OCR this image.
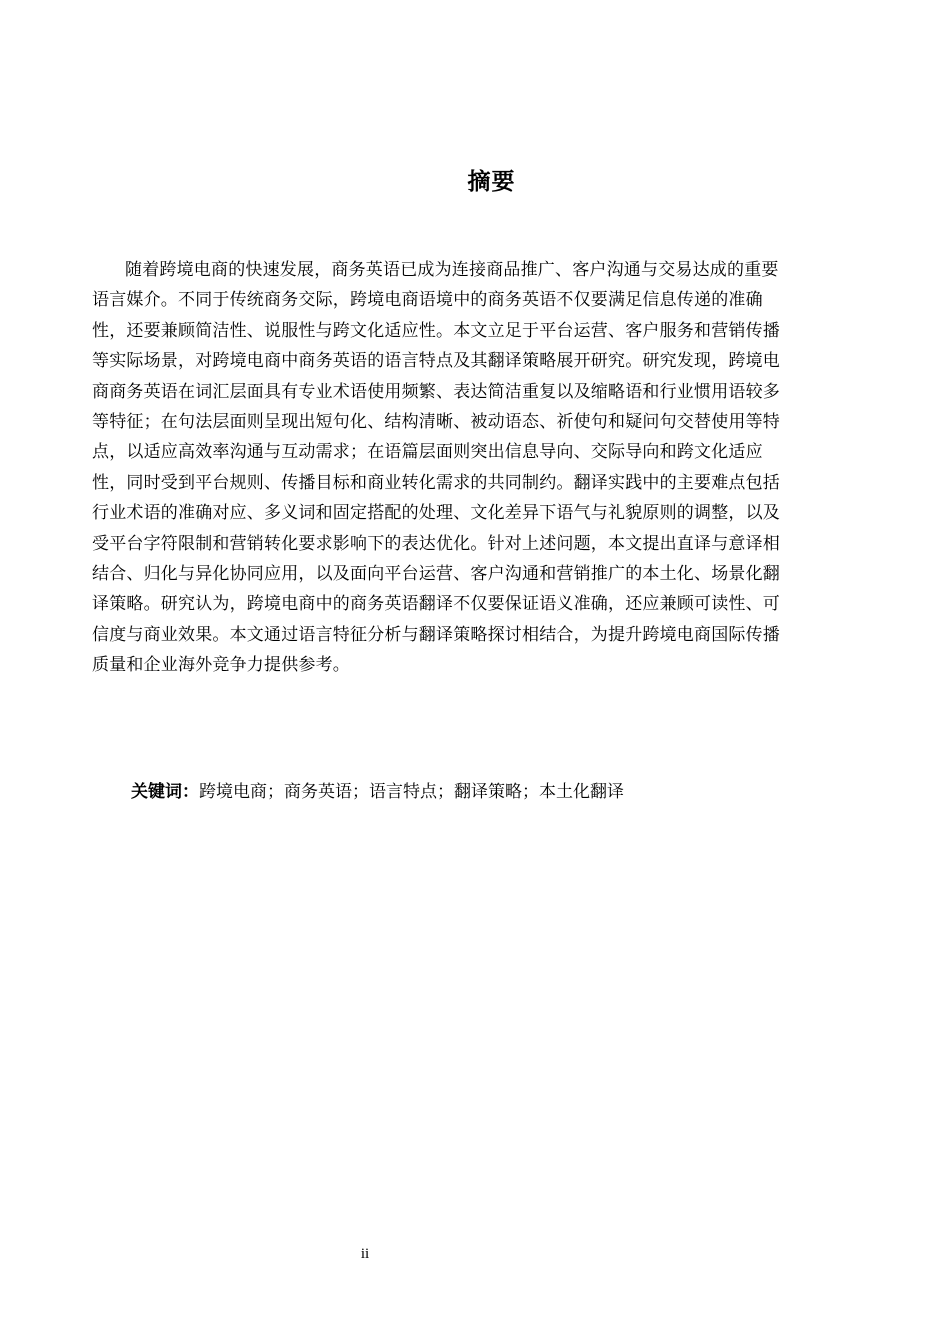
摘要
随着跨境电商的快速发展，商务英语已成为连接商品推广、客户沟通与交易达成的重要
语言媒介。不同于传统商务交际，跨境电商语境中的商务英语不仅要满足信息传递的准确
性，还要兼顾简洁性、说服性与跨文化适应性。本文立足于平台运营、客户服务和营销传播
等实际场景，对跨境电商中商务英语的语言特点及其翻译策略展开研究。研究发现，跨境电
商商务英语在词汇层面具有专业术语使用频繁、表达简洁重复以及缩略语和行业惯用语较多
等特征；在句法层面则呈现出短句化、结构清晰、被动语态、祈使句和疑问句交替使用等特
点，以适应高效率沟通与互动需求；在语篇层面则突出信息导向、交际导向和跨文化适应
性，同时受到平台规则、传播目标和商业转化需求的共同制约。翻译实践中的主要难点包括
行业术语的准确对应、多义词和固定搭配的处理、文化差异下语气与礼貌原则的调整，以及
受平台字符限制和营销转化要求影响下的表达优化。针对上述问题，本文提出直译与意译相
结合、归化与异化协同应用，以及面向平台运营、客户沟通和营销推广的本土化、场景化翻
译策略。研究认为，跨境电商中的商务英语翻译不仅要保证语义准确，还应兼顾可读性、可
信度与商业效果。本文通过语言特征分析与翻译策略探讨相结合，为提升跨境电商国际传播
质量和企业海外竞争力提供参考。
关键词：跨境电商；商务英语；语言特点；翻译策略；本土化翻译
ii
